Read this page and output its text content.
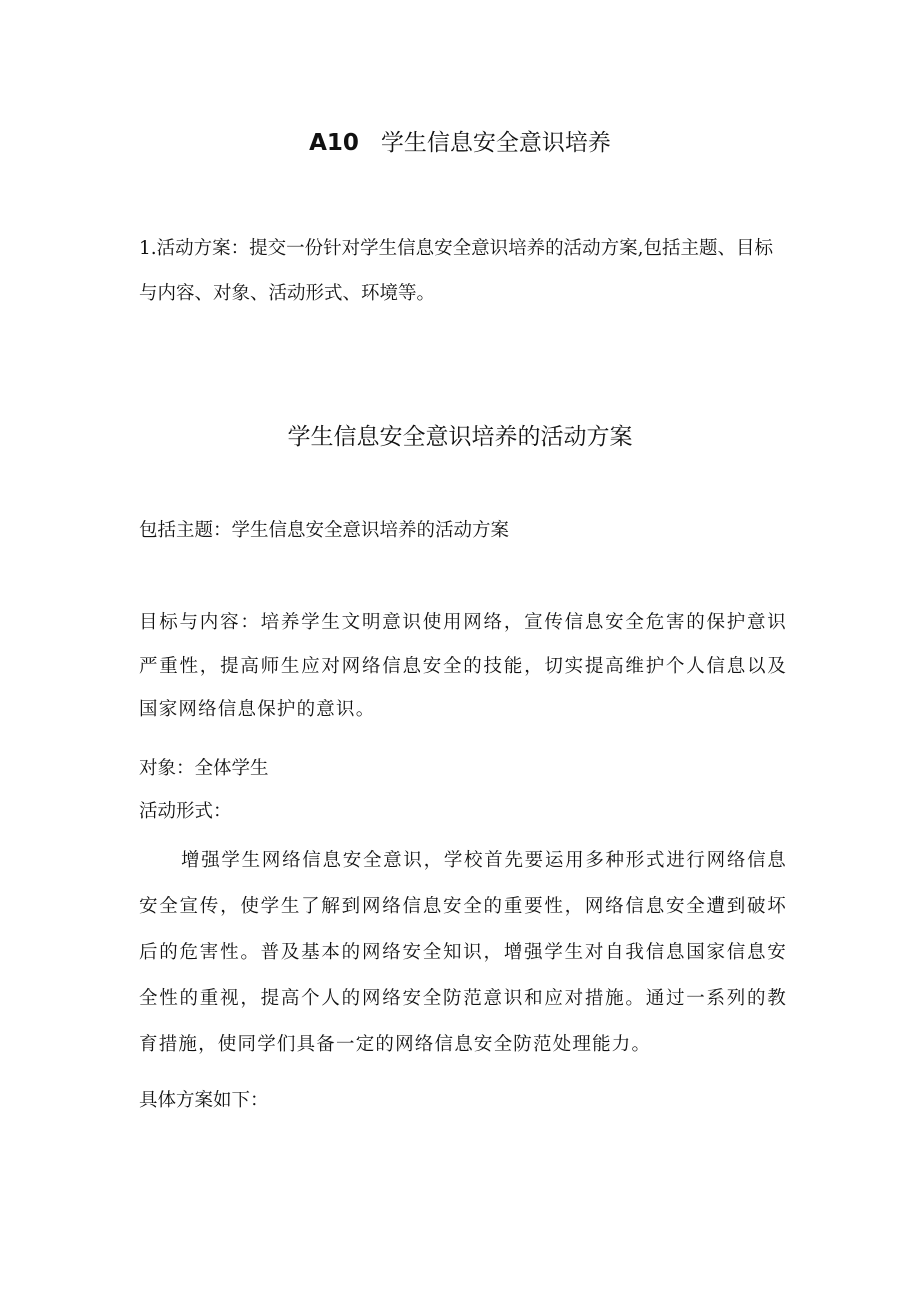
A10 学生信息安全意识培养

1.活动方案：提交一份针对学生信息安全意识培养的活动方案,包括主题、目标与内容、对象、活动形式、环境等。

学生信息安全意识培养的活动方案

包括主题：学生信息安全意识培养的活动方案

目标与内容：培养学生文明意识使用网络，宣传信息安全危害的保护意识严重性，提高师生应对网络信息安全的技能，切实提高维护个人信息以及国家网络信息保护的意识。

对象：全体学生

活动形式：

增强学生网络信息安全意识，学校首先要运用多种形式进行网络信息安全宣传，使学生了解到网络信息安全的重要性，网络信息安全遭到破坏后的危害性。普及基本的网络安全知识，增强学生对自我信息国家信息安全性的重视，提高个人的网络安全防范意识和应对措施。通过一系列的教育措施，使同学们具备一定的网络信息安全防范处理能力。

具体方案如下：
